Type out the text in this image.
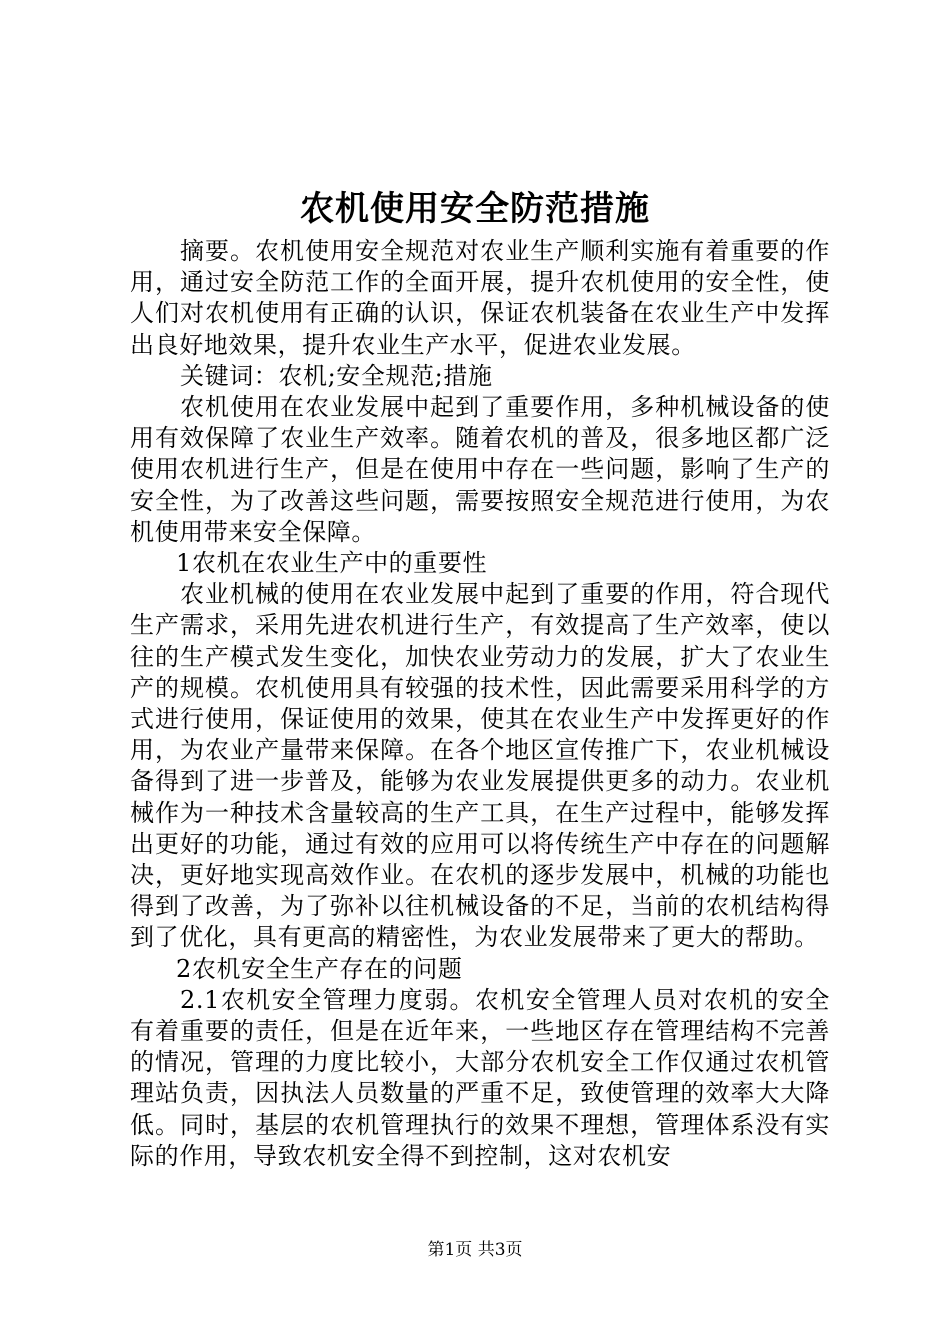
农机使用安全防范措施

摘要。农机使用安全规范对农业生产顺利实施有着重要的作用，通过安全防范工作的全面开展，提升农机使用的安全性，使人们对农机使用有正确的认识，保证农机装备在农业生产中发挥出良好地效果，提升农业生产水平，促进农业发展。

关键词：农机;安全规范;措施

农机使用在农业发展中起到了重要作用，多种机械设备的使用有效保障了农业生产效率。随着农机的普及，很多地区都广泛使用农机进行生产，但是在使用中存在一些问题，影响了生产的安全性，为了改善这些问题，需要按照安全规范进行使用，为农机使用带来安全保障。

1农机在农业生产中的重要性

农业机械的使用在农业发展中起到了重要的作用，符合现代生产需求，采用先进农机进行生产，有效提高了生产效率，使以往的生产模式发生变化，加快农业劳动力的发展，扩大了农业生产的规模。农机使用具有较强的技术性，因此需要采用科学的方式进行使用，保证使用的效果，使其在农业生产中发挥更好的作用，为农业产量带来保障。在各个地区宣传推广下，农业机械设备得到了进一步普及，能够为农业发展提供更多的动力。农业机械作为一种技术含量较高的生产工具，在生产过程中，能够发挥出更好的功能，通过有效的应用可以将传统生产中存在的问题解决，更好地实现高效作业。在农机的逐步发展中，机械的功能也得到了改善，为了弥补以往机械设备的不足，当前的农机结构得到了优化，具有更高的精密性，为农业发展带来了更大的帮助。

2农机安全生产存在的问题

2.1农机安全管理力度弱。农机安全管理人员对农机的安全有着重要的责任，但是在近年来，一些地区存在管理结构不完善的情况，管理的力度比较小，大部分农机安全工作仅通过农机管理站负责，因执法人员数量的严重不足，致使管理的效率大大降低。同时，基层的农机管理执行的效果不理想，管理体系没有实际的作用，导致农机安全得不到控制，这对农机安

第1页 共3页
